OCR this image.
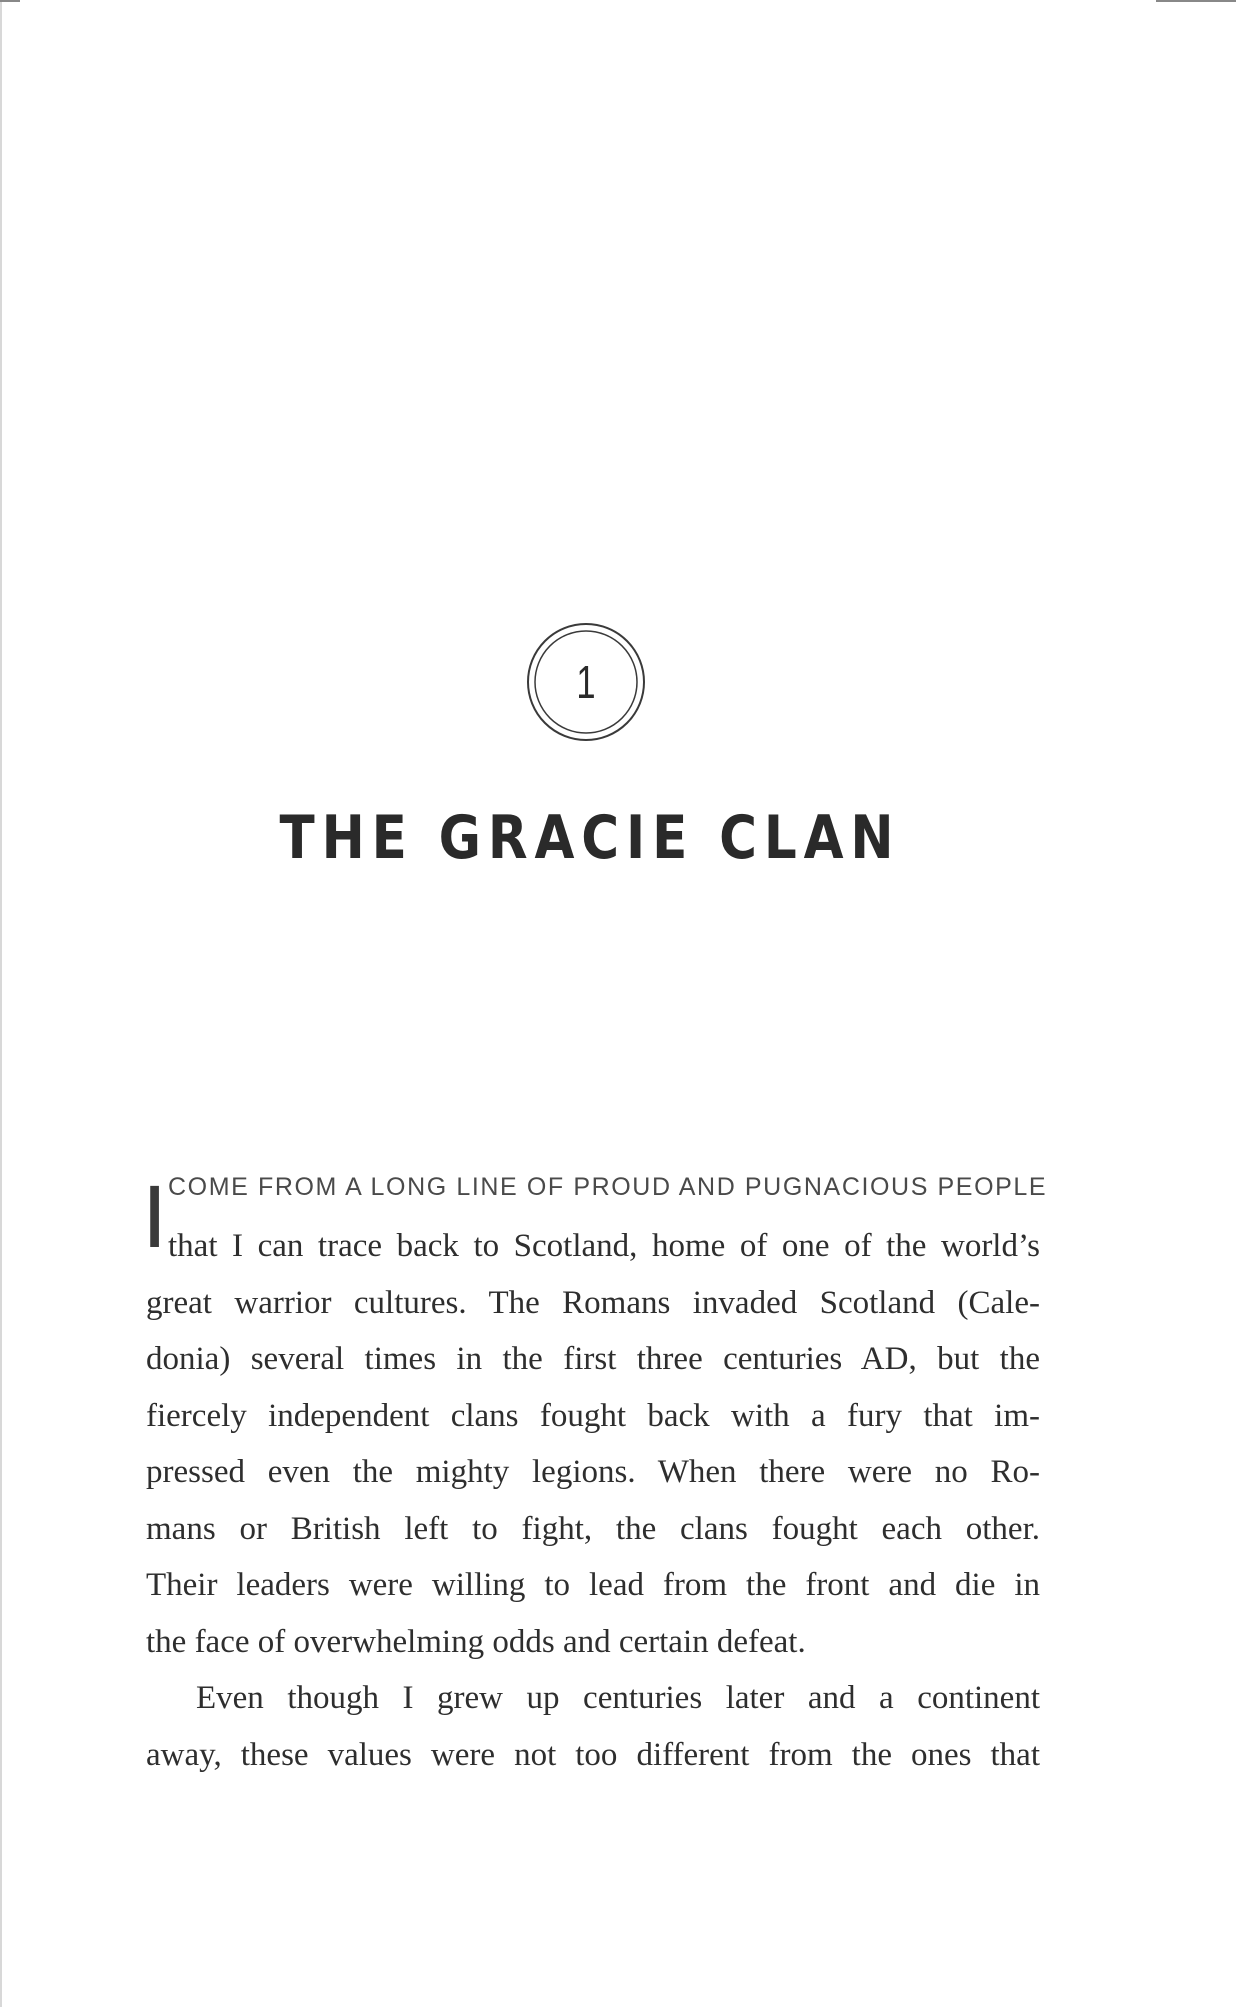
1
THE GRACIE CLAN
I COME FROM A LONG LINE OF PROUD AND PUGNACIOUS PEOPLE
that I can trace back to Scotland, home of one of the world’s
great warrior cultures. The Romans invaded Scotland (Cale-
donia) several times in the first three centuries AD, but the
fiercely independent clans fought back with a fury that im-
pressed even the mighty legions. When there were no Ro-
mans or British left to fight, the clans fought each other.
Their leaders were willing to lead from the front and die in
the face of overwhelming odds and certain defeat.
Even though I grew up centuries later and a continent
away, these values were not too different from the ones that
